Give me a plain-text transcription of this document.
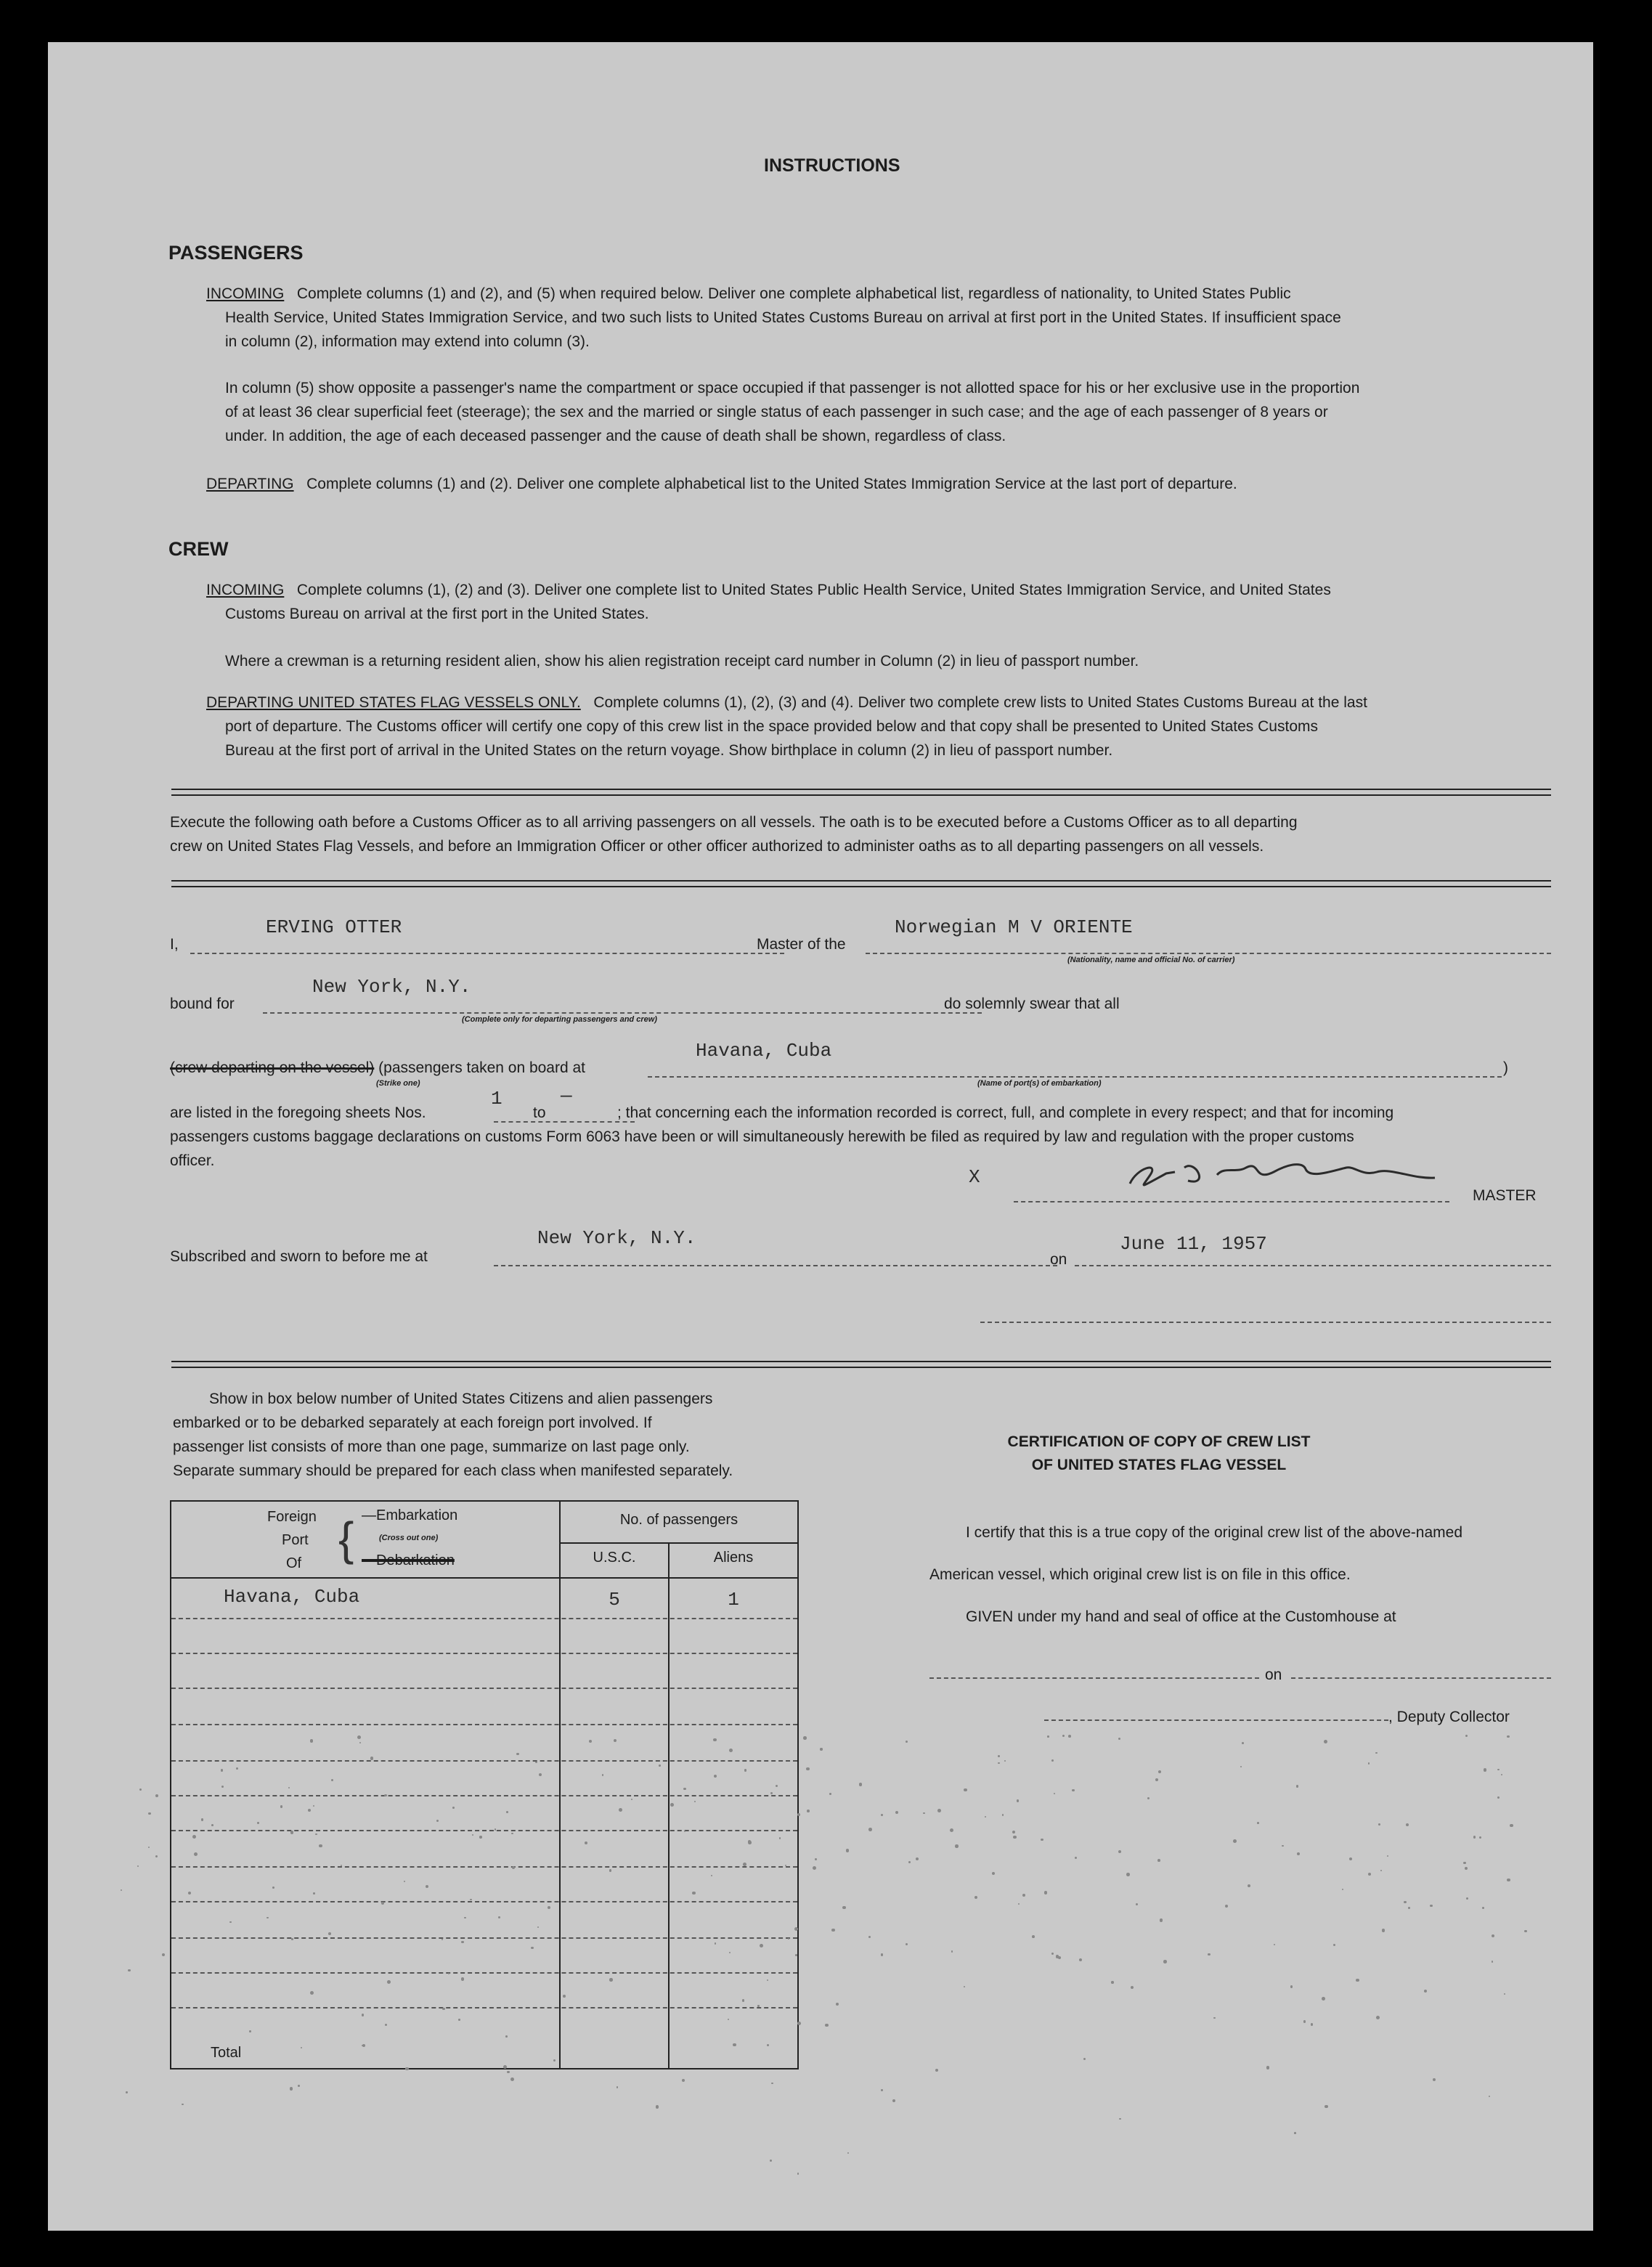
INSTRUCTIONS
PASSENGERS
INCOMING Complete columns (1) and (2), and (5) when required below. Deliver one complete alphabetical list, regardless of nationality, to United States Public
Health Service, United States Immigration Service, and two such lists to United States Customs Bureau on arrival at first port in the United States. If insufficient space
in column (2), information may extend into column (3).
In column (5) show opposite a passenger's name the compartment or space occupied if that passenger is not allotted space for his or her exclusive use in the proportion
of at least 36 clear superficial feet (steerage); the sex and the married or single status of each passenger in such case; and the age of each passenger of 8 years or
under. In addition, the age of each deceased passenger and the cause of death shall be shown, regardless of class.
DEPARTING Complete columns (1) and (2). Deliver one complete alphabetical list to the United States Immigration Service at the last port of departure.
CREW
INCOMING Complete columns (1), (2) and (3). Deliver one complete list to United States Public Health Service, United States Immigration Service, and United States
Customs Bureau on arrival at the first port in the United States.
Where a crewman is a returning resident alien, show his alien registration receipt card number in Column (2) in lieu of passport number.
DEPARTING UNITED STATES FLAG VESSELS ONLY. Complete columns (1), (2), (3) and (4). Deliver two complete crew lists to United States Customs Bureau at the last
port of departure. The Customs officer will certify one copy of this crew list in the space provided below and that copy shall be presented to United States Customs
Bureau at the first port of arrival in the United States on the return voyage. Show birthplace in column (2) in lieu of passport number.
Execute the following oath before a Customs Officer as to all arriving passengers on all vessels. The oath is to be executed before a Customs Officer as to all departing
crew on United States Flag Vessels, and before an Immigration Officer or other officer authorized to administer oaths as to all departing passengers on all vessels.
I,
ERVING OTTER
Master of the
Norwegian M V ORIENTE
(Nationality, name and official No. of carrier)
bound for
New York, N.Y.
(Complete only for departing passengers and crew)
do solemnly swear that all
(crew departing on the vessel) (passengers taken on board at
Havana, Cuba
)
(Strike one)	(Name of port(s) of embarkation)
are listed in the foregoing sheets Nos.
1
to
—
; that concerning each the information recorded is correct, full, and complete in every respect; and that for incoming
passengers customs baggage declarations on customs Form 6063 have been or will simultaneously herewith be filed as required by law and regulation with the proper customs
officer.
X
MASTER
Subscribed and sworn to before me at
New York, N.Y.
on
June 11, 1957
Show in box below number of United States Citizens and alien passengers
embarked or to be debarked separately at each foreign port involved. If
passenger list consists of more than one page, summarize on last page only.
Separate summary should be prepared for each class when manifested separately.
Foreign
Port
Of { —Embarkation
(Cross out one)
—Debarkation
No. of passengers
U.S.C.	Aliens
Havana, Cuba	5	1
Total
CERTIFICATION OF COPY OF CREW LIST
OF UNITED STATES FLAG VESSEL
I certify that this is a true copy of the original crew list of the above-named
American vessel, which original crew list is on file in this office.
GIVEN under my hand and seal of office at the Customhouse at
on
, Deputy Collector
